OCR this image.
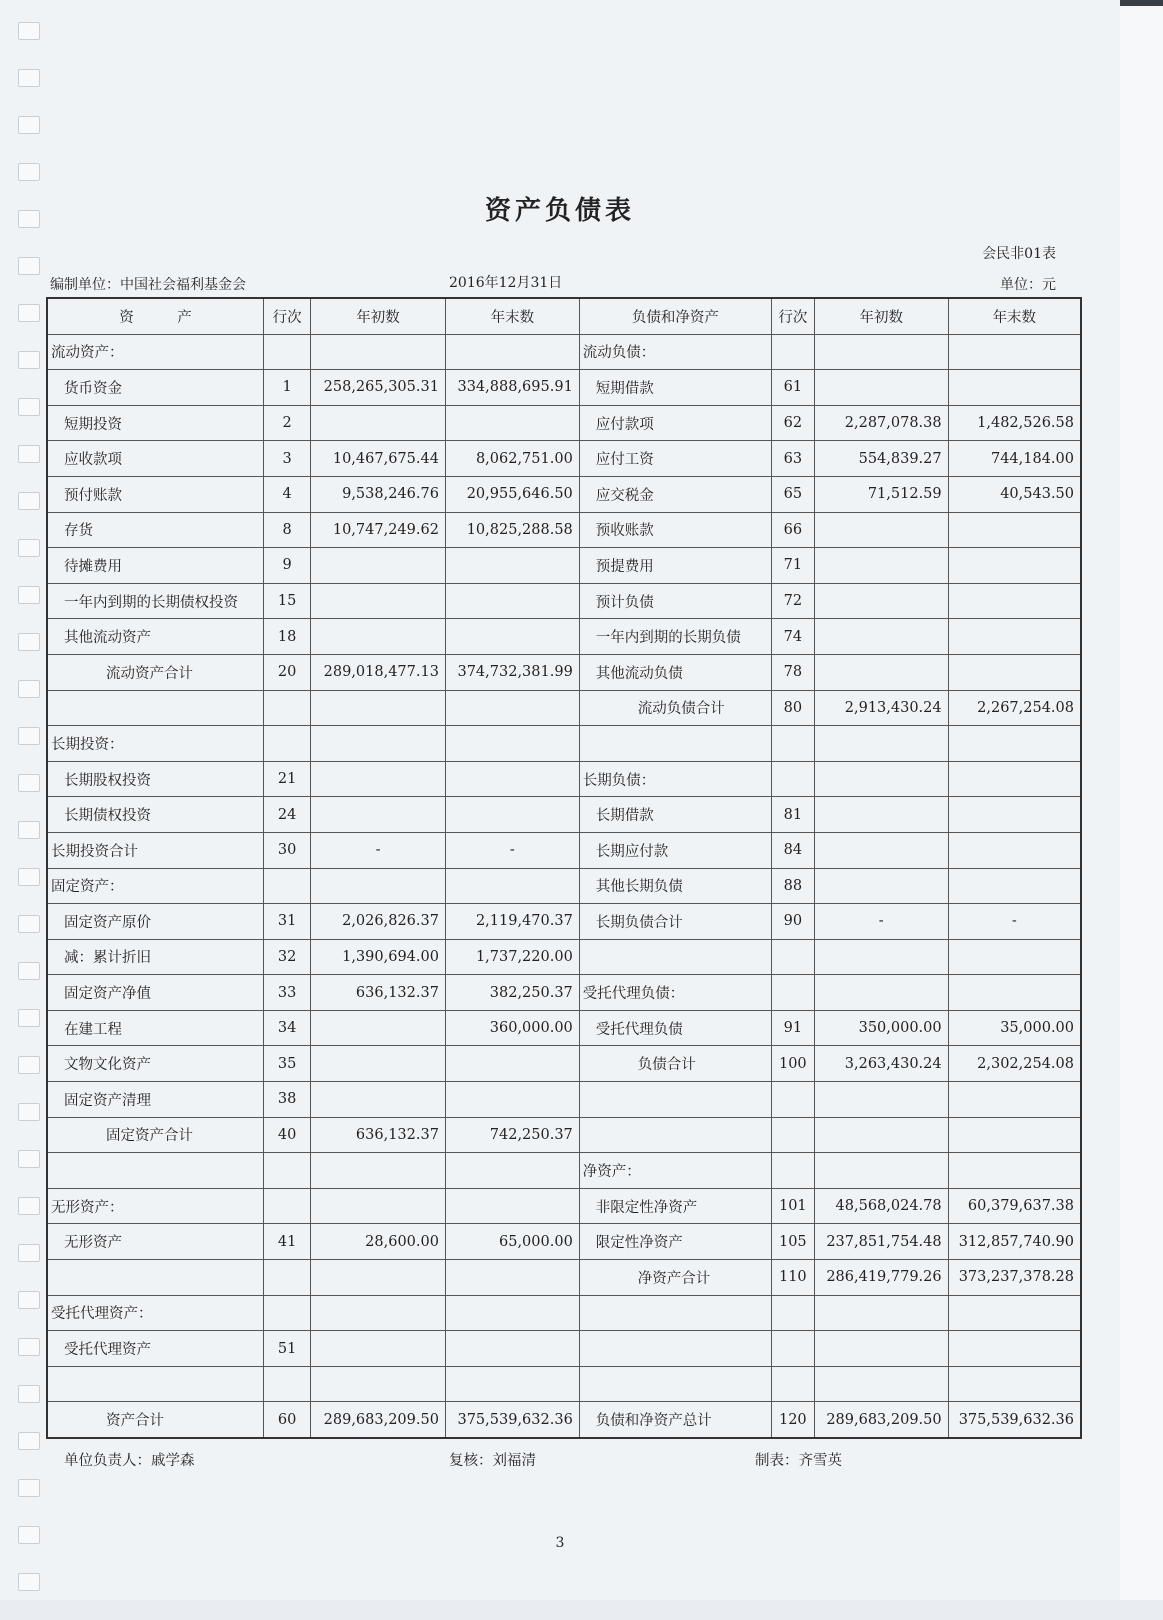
资产负债表
会民非01表
编制单位：中国社会福利基金会	2016年12月31日	单位：元
资　　　产	行次	年初数	年末数	负债和净资产	行次	年初数	年末数
流动资产：				流动负债：			
货币资金	1	258,265,305.31	334,888,695.91	短期借款	61		
短期投资	2			应付款项	62	2,287,078.38	1,482,526.58
应收款项	3	10,467,675.44	8,062,751.00	应付工资	63	554,839.27	744,184.00
预付账款	4	9,538,246.76	20,955,646.50	应交税金	65	71,512.59	40,543.50
存货	8	10,747,249.62	10,825,288.58	预收账款	66		
待摊费用	9			预提费用	71		
一年内到期的长期债权投资	15			预计负债	72		
其他流动资产	18			一年内到期的长期负债	74		
流动资产合计	20	289,018,477.13	374,732,381.99	其他流动负债	78		
				流动负债合计	80	2,913,430.24	2,267,254.08
长期投资：							
长期股权投资	21			长期负债：			
长期债权投资	24			长期借款	81		
长期投资合计	30	-	-	长期应付款	84		
固定资产：				其他长期负债	88		
固定资产原价	31	2,026,826.37	2,119,470.37	长期负债合计	90	-	-
减：累计折旧	32	1,390,694.00	1,737,220.00				
固定资产净值	33	636,132.37	382,250.37	受托代理负债：			
在建工程	34		360,000.00	受托代理负债	91	350,000.00	35,000.00
文物文化资产	35			负债合计	100	3,263,430.24	2,302,254.08
固定资产清理	38						
固定资产合计	40	636,132.37	742,250.37				
				净资产：			
无形资产：				非限定性净资产	101	48,568,024.78	60,379,637.38
无形资产	41	28,600.00	65,000.00	限定性净资产	105	237,851,754.48	312,857,740.90
				净资产合计	110	286,419,779.26	373,237,378.28
受托代理资产：							
受托代理资产	51						

资产合计	60	289,683,209.50	375,539,632.36	负债和净资产总计	120	289,683,209.50	375,539,632.36
单位负责人：戚学森	复核：刘福清	制表：齐雪英
3
